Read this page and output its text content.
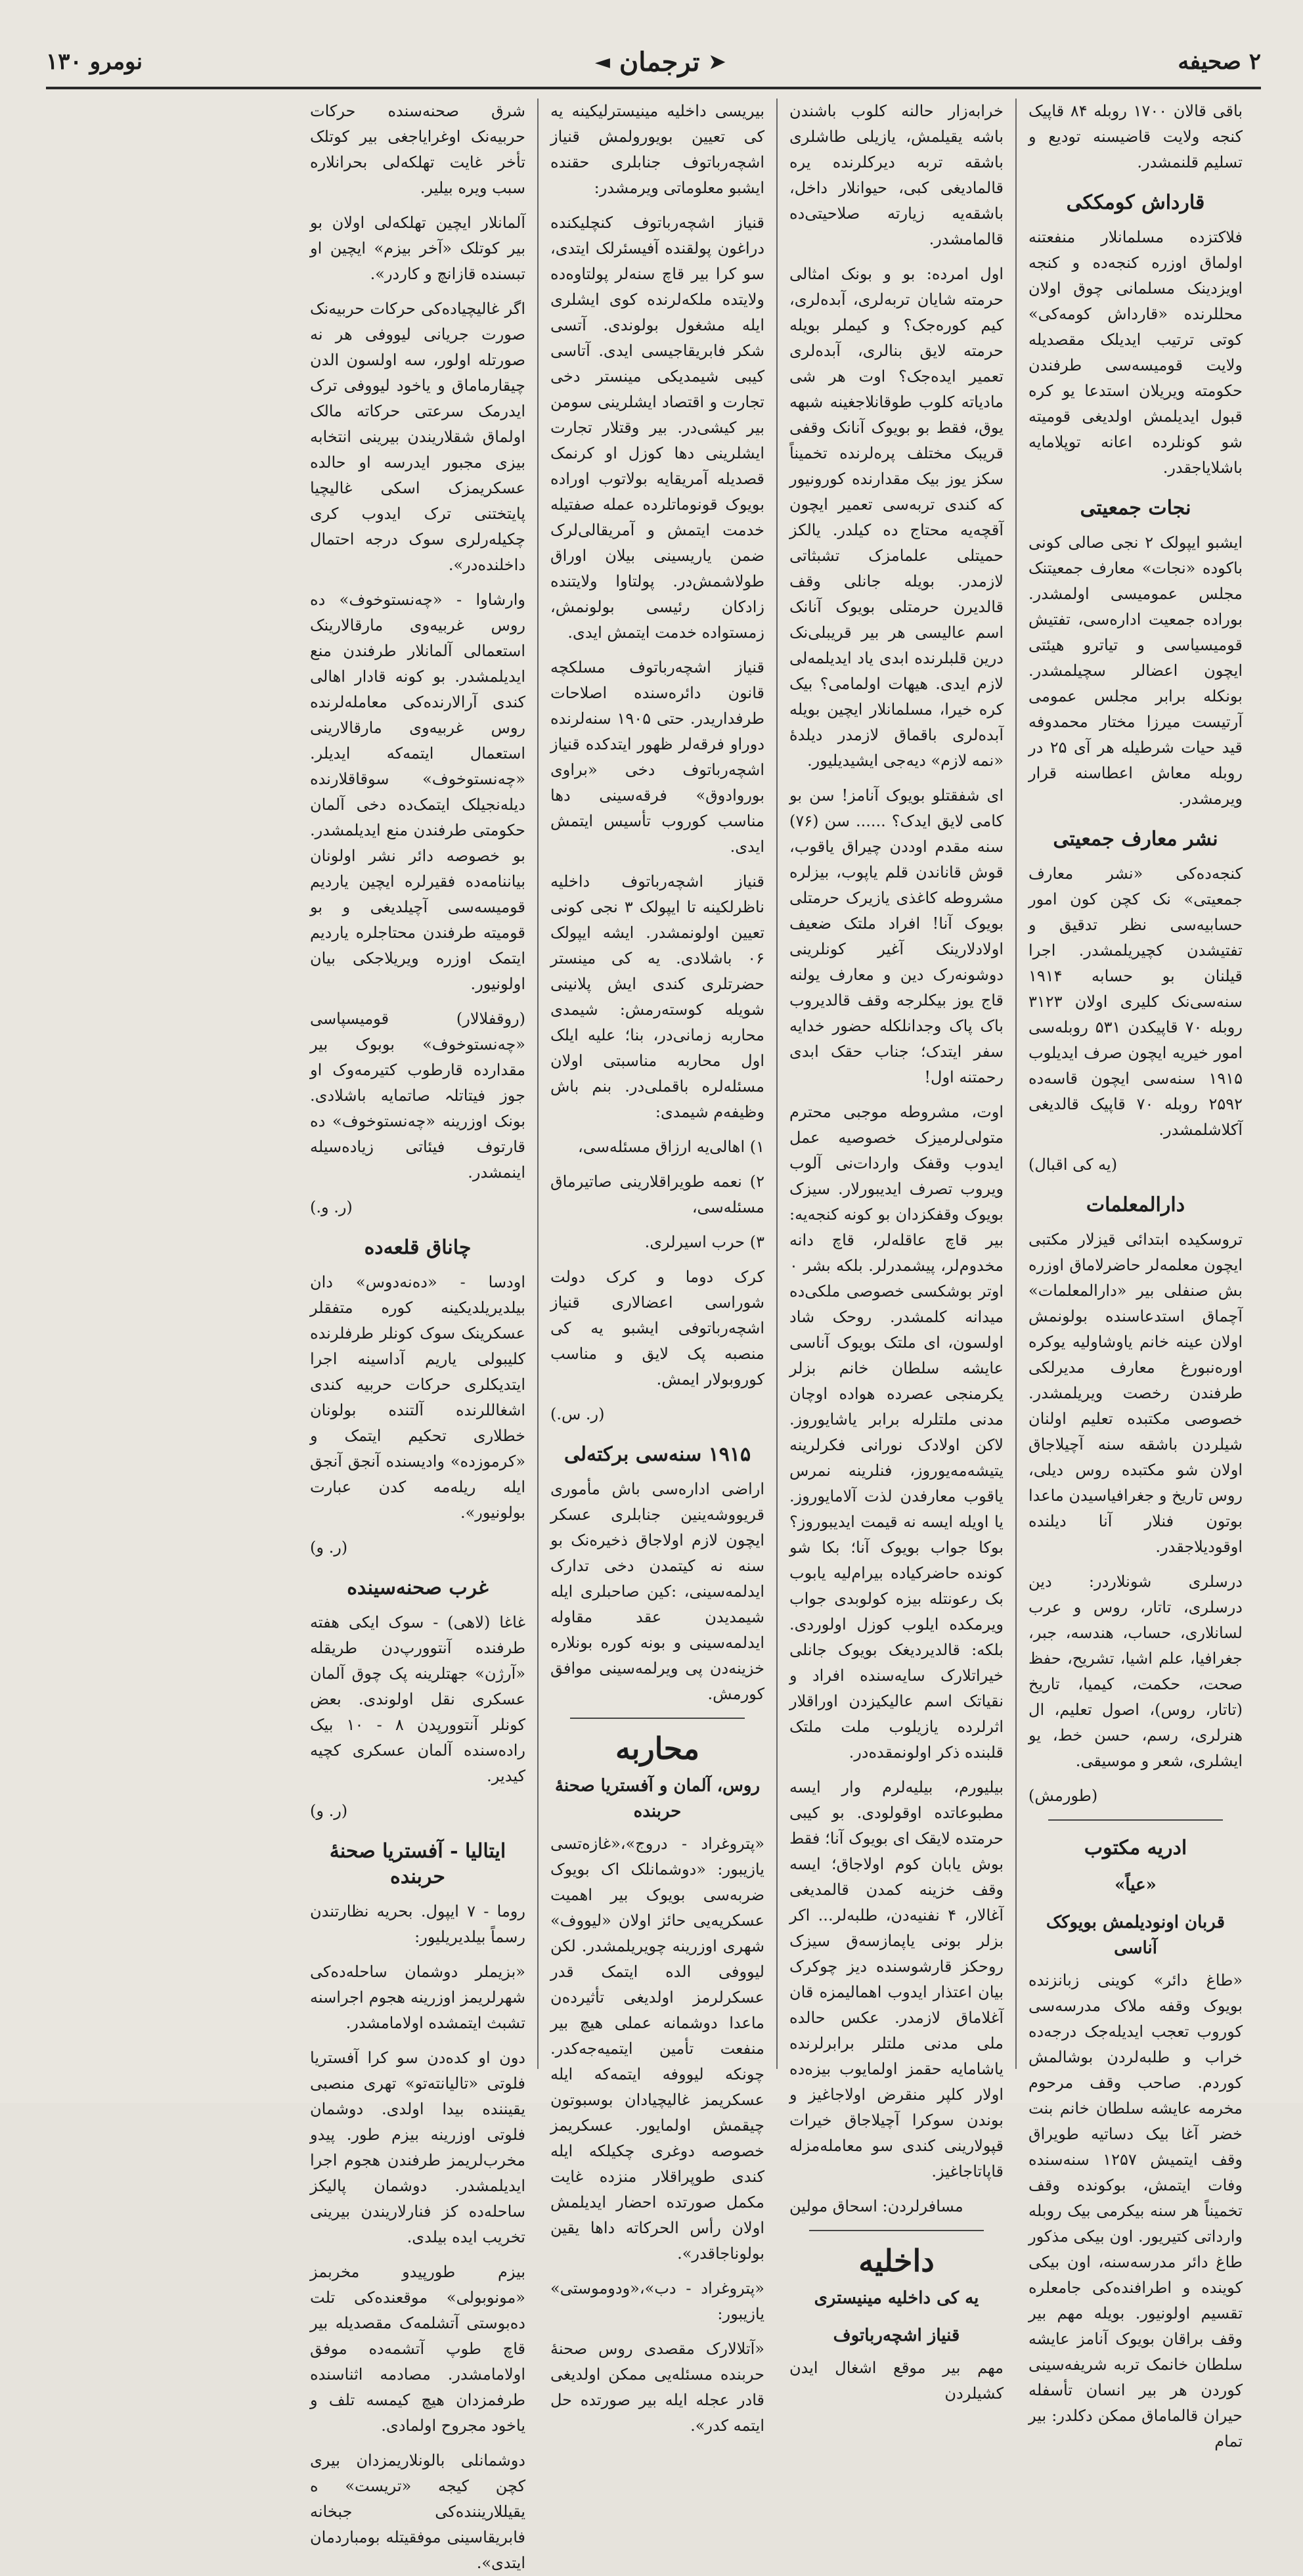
۲ صحیفه
➤
ترجمان
◄
نومرو ۱۳۰

باقی قالان ۱۷۰۰ روبله ۸۴ قاپیک کنجه ولایت قاضیسنه تودیع و تسلیم قلنمشدر.

قارداش کومککی

فلاکتزده مسلمانلار منفعتنه اولماق اوزره کنجه‌ده و کنجه اویزدینک مسلمانی چوق اولان محللرنده «قارداش کومه‌کی» کوتی ترتیب ایدیلک مقصدیله ولایت قومیسه‌سی طرفندن حکومته ویریلان استدعا یو کره قبول ایدیلمش اولدیغی قومیته شو کونلرده اعانه توپلامایه باشلایاجقدر.

نجات جمعیتی

ایشبو ایپولک ۲ نجی صالی کونی باکوده «نجات» معارف جمعیتنک مجلس عمومیسی اولمشدر. بوراده جمعیت اداره‌سی، تفتیش قومیسیاسی و تیاترو هیئتی ایچون اعضالر سچیلمشدر. بونکله برابر مجلس عمومی آرتیست میرزا مختار محمدوفه قید حیات شرطیله هر آی ۲۵ در روبله معاش اعطاسنه قرار ویرمشدر.

نشر معارف جمعیتی

کنجه‌ده‌کی «نشر معارف جمعیتی» نک کچن کون امور حسابیه‌سی نظر تدقیق و تفتیشدن کچیریلمشدر. اجرا قیلنان بو حسابه ۱۹۱۴ سنه‌سی‌نک کلیری اولان ۳۱۲۳ روبله ۷۰ قاپیکدن ۵۳۱ روبله‌سی امور خیریه ایچون صرف ایدیلوب ۱۹۱۵ سنه‌سی ایچون قاسه‌ده ۲۵۹۲ روبله ۷۰ قاپیک قالدیغی آکلاشلمشدر.

(یه کی اقبال)
دارالمعلمات

تروسکیده ابتدائی قیزلار مکتبی ایچون معلمه‌لر حاضرلاماق اوزره بش صنفلی بیر «دارالمعلمات» آچماق استدعاسنده بولونمش اولان عینه خانم یاوشاولیه یوکره اوره‌نبورغ معارف مدیرلکی طرفندن رخصت ویریلمشدر. خصوصی مکتبده تعلیم اولنان شیلردن باشقه سنه آچیلاجاق اولان شو مکتبده روس دیلی، روس تاریخ و جغرافیاسیدن ماعدا بوتون فنلار آنا دیلنده اوقودیلاجقدر.

درسلری شونلاردر: دین درسلری، تاتار، روس و عرب لسانلاری، حساب، هندسه، جبر، جغرافیا، علم اشیا، تشریح، حفظ صحت، حکمت، کیمیا، تاریخ (تاتار، روس)، اصول تعلیم، ال هنرلری، رسم، حسن خط، یو ایشلری، شعر و موسیقی.

(طورمش)
ادریه مکتوب
«عیاً»
قربان اونودیلمش بویوکک آناسی

«طاغ دائر» کوینی زبانزنده بویوک وقفه ملاک مدرسه‌سی کوروب تعجب ایدیله‌جک درجه‌ده خراب و طلبه‌لردن بوشالمش کوردم. صاحب وقف مرحوم مخرمه عایشه سلطان خانم بنت خضر آغا بیک دساتیه طویراق وقف ایتمیش ۱۲۵۷ سنه‌سنده وفات ایتمش، بوکونده وقف تخمیناً هر سنه بیکرمی بیک روبله وارداتی کتیریور. اون بیکی مذکور طاغ دائر مدرسه‌سنه، اون بیکی کوینده و اطرافنده‌کی جامعلره تقسیم اولونیور. بویله مهم بیر وقف براقان بویوک آنامز عایشه سلطان خانمک تربه شریفه‌سینی کوردن هر بیر انسان تأسفله حیران قالماماق ممکن دکلدر: بیر تمام

خرابه‌زار حالنه کلوب باشندن باشه یقیلمش، یازیلی طاشلری باشقه تربه دیرکلرنده یره قالمادیغی کبی، حیوانلار داخل، باشقه‌یه زیارته صلاحیتی‌ده قالمامشدر.

اول امرده: بو و بونک امثالی حرمته شایان تربه‌لری، آبده‌لری، کیم کوره‌جک؟ و کیملر بویله حرمته لایق بنالری، آبده‌لری تعمیر ایده‌جک؟ اوت هر شی مادیاته کلوب طوقانلاجغینه شبهه یوق، فقط بو بویوک آنانک وقفی قریبک مختلف پره‌لرنده تخمیناً سکز یوز بیک مقدارنده کورونیور که کندی تربه‌سی تعمیر ایچون آقچه‌یه محتاج ده کیلدر. یالکز حمیتلی علمامزک تشبثاتی لازمدر. بویله جانلی وقف قالدیرن حرمتلی بویوک آنانک اسم عالیسی هر بیر قریبلی‌نک درین قلبلرنده ابدی یاد ایدیلمه‌لی لازم ایدی. هیهات اولمامی؟ بیک کره خیرا، مسلمانلار ایچین بویله آبده‌لری باقماق لازمدر دیلدهٔ «نمه لازم» دیه‌جی ایشیدیلیور.

ای شفقتلو بویوک آنامز! سن بو کامی لایق ایدک؟ ...... سن (۷۶) سنه مقدم اوددن چیراق یاقوب، قوش قاناندن قلم یاپوب، بیزلره مشروطه کاغذی یازیرک حرمتلی بویوک آنا! افراد ملتک ضعیف اولادلارینک آغیر کونلرینی دوشونه‌رک دین و معارف یولنه قاج یوز بیکلرجه وقف قالدیروب باک پاک وجدانلکله حضور خدایه سفر ایتدک؛ جناب حقک ابدی رحمتنه اول!

اوت، مشروطه موجبی محترم متولی‌لرمیزک خصوصیه عمل ایدوب وقفک واردات‌نی آلوب ویروب تصرف ایدیبورلار. سیزک بویوک وقفکزدان بو کونه کنجه‌یه: بیر قاچ عاقله‌لر، قاچ دانه مخدوم‌لر، پیشمدرلر. بلکه بشر ۰ اوتر بوشکسی خصوصی ملکی‌ده میدانه کلمشدر. روحک شاد اولسون، ای ملتک بویوک آناسی عایشه سلطان خانم بزلر یکرمنجی عصرده هواده اوچان مدنی ملتلرله برابر یاشایوروز. لاکن اولادک نورانی فکرلرینه یتیشه‌مه‌یوروز، فنلرینه نمرس یاقوب معارفدن لذت آلامایوروز. یا اویله ایسه نه قیمت ایدیبوروز؟ بوکا جواب بویوک آنا؛ بکا شو کونده حاضرکیاده بیرام‌لیه یابوب بک رعونتله بیزه کولوبدی جواب ویرمکده ایلوب کوزل اولوردی. بلکه: قالدیردیغک بویوک جانلی خیراتلارک سایه‌سنده افراد و نقیاتک اسم عالیکیزدن اوراقلار اثرلرده یازیلوب ملت ملتک قلبنده ذکر اولونمقده‌در.

بیلیورم، بیلیه‌لرم وار ایسه مطبوعاتده اوقولودی. بو کیبی حرمتده لایقک ای بویوک آنا؛ فقط بوش یابان کوم اولاجاق؛ ایسه وقف خزینه کمدن قالمدیغی آغالار، ۴ نفنیه‌دن، طلبه‌لر... اکر بزلر بونی یاپمازسه‌ق سیزک روحکز قارشوسنده دیز چوکرک بیان اعتذار ایدوب اهمالیمزه قان آغلاماق لازمدر. عکس حالده ملی مدنی ملتلر برابرلرنده یاشامایه حقمز اولمایوب بیزه‌ده اولار کلپر منقرض اولاجاغیز و بوندن سوکرا آچیلاجاق خیرات قپولارینی کندی سو معامله‌مزله قاپاتاجاغیز.

مسافرلردن: اسحاق مولین
داخلیه
یه کی داخلیه مینیستری
قنیاز اشچه‌رباتوف

مهم بیر موقع اشغال ایدن کشیلردن

بیریسی داخلیه مینیسترلیکینه یه کی تعیین بویورولمش قنیاز اشچه‌رباتوف جنابلری حقنده ایشبو معلوماتی ویرمشدر:

قنیاز اشچه‌رباتوف کنچلیکنده دراغون پولقنده آفیسئرلک ایتدی، سو کرا بیر قاچ سنه‌لر پولتاوه‌ده ولایتده ملکه‌لرنده کوی ایشلری ایله مشغول بولوندی. آتسی شکر فابریقاجیسی ایدی. آتاسی کیبی شیمدیکی مینستر دخی تجارت و اقتصاد ایشلرینی سومن بیر کیشی‌در. بیر وقتلار تجارت ایشلرینی دها کوزل او کرنمک قصدیله آمریقایه بولاتوب اوراده بویوک قونوماتلرده عمله صفتیله خدمت ایتمش و آمریقالی‌لرک ضمن یاریسینی بیلان اوراق طولاشمش‌در. پولتاوا ولایتنده زادکان رئیسی بولونمش، زمستواده خدمت ایتمش ایدی.

قنیاز اشچه‌رباتوف مسلکچه قانون دائره‌سنده اصلاحات طرفداریدر. حتی ۱۹۰۵ سنه‌لرنده دوراو فرقه‌لر ظهور ایتدکده قنیاز اشچه‌رباتوف دخی «براوی بوروادوق» فرقه‌سینی دها مناسب کوروب تأسیس ایتمش ایدی.

قنیاز اشچه‌رباتوف داخلیه ناظرلکینه تا ایپولک ۳ نجی کونی تعیین اولونمشدر. ایشه ایپولک ۰۶ باشلادی. یه کی مینستر حضرتلری کندی ایش پلانینی شویله کوسته‌رمش: شیمدی محاربه زمانی‌در، بنا؛ علیه ایلک اول محاربه مناسبتی اولان مسئله‌لره باقملی‌در. بنم باش وظیفه‌م شیمدی:

۱) اهالی‌یه ارزاق مسئله‌سی،

۲) نعمه طویراقلارینی صاتیرماق مسئله‌سی،

۳) حرب اسیرلری.

کرک دوما و کرک دولت شوراسی اعضالاری قنیاز اشچه‌رباتوفی ایشبو یه کی منصبه پک لایق و مناسب کوروبولار ایمش.

(ر. س.)
۱۹۱۵ سنه‌سی برکته‌لی

اراضی اداره‌سی باش مأموری قریووشه‌ینین جنابلری عسکر ایچون لازم اولاجاق ذخیره‌نک بو سنه نه کیتمدن دخی تدارک ایدلمه‌سینی، :کین صاحبلری ایله شیمدیدن عقد مقاوله ایدلمه‌سینی و بونه کوره بونلاره خزینه‌دن پی ویرلمه‌سینی موافق کورمش.

محاربه
روس، آلمان و آفستریا صحنهٔ حربنده

«پتروغراد - دروج»،«غازه‌تسی یازیبور: «دوشمانلک اک بویوک ضربه‌سی بویوک بیر اهمیت عسکریه‌یی حائز اولان «لیووف» شهری اوزرینه چویریلمشدر. لکن لیووفی الده ایتمک قدر عسکرلرمز اولدیغی تأثیرده‌ن ماعدا دوشمانه عملی هیچ بیر منفعت تأمین ایتمیه‌جه‌کدر. چونکه لیووفه ایتمه‌که ایله عسکریمز غالیچیادان بوسبوتون چیقمش اولمایور. عسکریمز خصوصه دوغری چکیلکه ایله کندی طوپراقلار منزده غایت مکمل صورتده احضار ایدیلمش اولان رأس الحرکاته داها یقین بولوناجاقدر».

«پتروغراد - دب»،«ودوموستی» یازیبور:

«آتلالارک مقصدی روس صحنهٔ حربنده مسئله‌یی ممکن اولدیغی قادر عجله ایله بیر صورتده حل ایتمه کدر».

شرق صحنه‌سنده حرکات حربیه‌نک اوغرایاجغی بیر کوتلک تأخر غایت تهلکه‌لی بحرانلاره سبب ویره بیلیر.

آلمانلار ایچین تهلکه‌لی اولان بو بیر کوتلک «آخر بیزم» ایچین او تبسنده قازانچ و کاردر».

اگر غالیچیاده‌کی حرکات حربیه‌نک صورت جریانی لیووفی هر نه صورتله اولور، سه اولسون الدن چیقارماماق و یاخود لیووفی ترک ایدرمک سرعتی حرکاته مالک اولماق شقلاریندن بیرینی انتخابه بیزی مجبور ایدرسه او حالده عسکریمزک اسکی غالیچیا پایتختنی ترک ایدوب کری چکیله‌رلری سوک درجه احتمال داخلنده‌در».

وارشاوا - «چه‌نستوخوف» ده روس غربیه‌وی مارقالارینک استعمالی آلمانلار طرفندن منع ایدیلمشدر. بو کونه قادار اهالی کندی آرالارنده‌کی معامله‌لرنده روس غربیه‌وی مارقالارینی استعمال ایتمه‌که ایدیلر. «چه‌نستوخوف» سوقاقلارنده دیله‌نجیلک ایتمک‌ده دخی آلمان حکومتی طرفندن منع ایدیلمشدر. بو خصوصه دائر نشر اولونان بیاننامه‌ده فقیرلره ایچین یاردیم قومیسه‌سی آچیلدیغی و بو قومیته طرفندن محتاجلره یاردیم ایتمک اوزره ویریلاجکی بیان اولونیور.

(روقفلالار) قومیسپاسی «چه‌نستوخوف» بوبوک بیر مقدارده قارطوب کتیرمه‌وک او جوز فیتاتلہ صاتمایه باشلادی. بونک اوزرینه «چه‌نستوخوف» ده قارتوف فیئاتی زیاده‌سیله اینمشدر.

(ر. و.)
چاناق قلعه‌ده

اودسا - «ده‌نه‌دوس» دان بیلدیریلدیکینه کوره متفقلر عسکرینک سوک کونلر طرفلرنده کلیبولی یاریم آداسینه اجرا ایتدیکلری حرکات حربیه کندی اشغاللرنده آلتنده بولونان خطلاری تحکیم ایتمک و «کرموزده» وادیسنده آنجق آنجق ایله ریله‌مه کدن عبارت بولونیور».

(ر. و)
غرب صحنه‌سینده

غاغا (لاهی) - سوک ایکی هفته طرفنده آنتوورپ‌دن طریقله «آرژن» جهتلرینه پک چوق آلمان عسکری نقل اولوندی. بعض کونلر آنتوورپدن ۸ - ۱۰ بیک راده‌سنده آلمان عسکری کچیه کیدیر.

(ر. و)
ایتالیا - آفستریا صحنهٔ حربنده

روما - ۷ ایپول. بحریه نظارتندن رسماً بیلدیریلیور:

«بزیملر دوشمان ساحله‌ده‌کی شهرلریمز اوزرینه هجوم اجراسنه تشبث ایتمشده اولامامشدر.

دون او کده‌دن سو کرا آفستریا فلوتی «تالیانته‌تو» تهری منصبی یقیننده بیدا اولدی. دوشمان فلوتی اوزرینه بیزم طور. پیدو مخرب‌لریمز طرفندن هجوم اجرا ایدیلمشدر. دوشمان پالیکز ساحله‌ده کز فنارلاریندن بیرینی تخریب ایده بیلدی.

بیزم طورپیدو مخربمز «مونوبولی» موقعنده‌کی تلت ده‌بوستی آتشلمه‌ک مقصدیله بیر قاچ طوپ آتشمه‌ده موفق اولامامشدر. مصادمه اثناسنده طرفمزدان هیچ کیمسه تلف و یاخود مجروح اولمادی.

دوشمانلی بالونلاریمزدان بیری کچن کیجه «تریست» ه یقیللاریننده‌کی جبخانه فابریقاسینی موفقیتله بومباردمان ایتدی».
